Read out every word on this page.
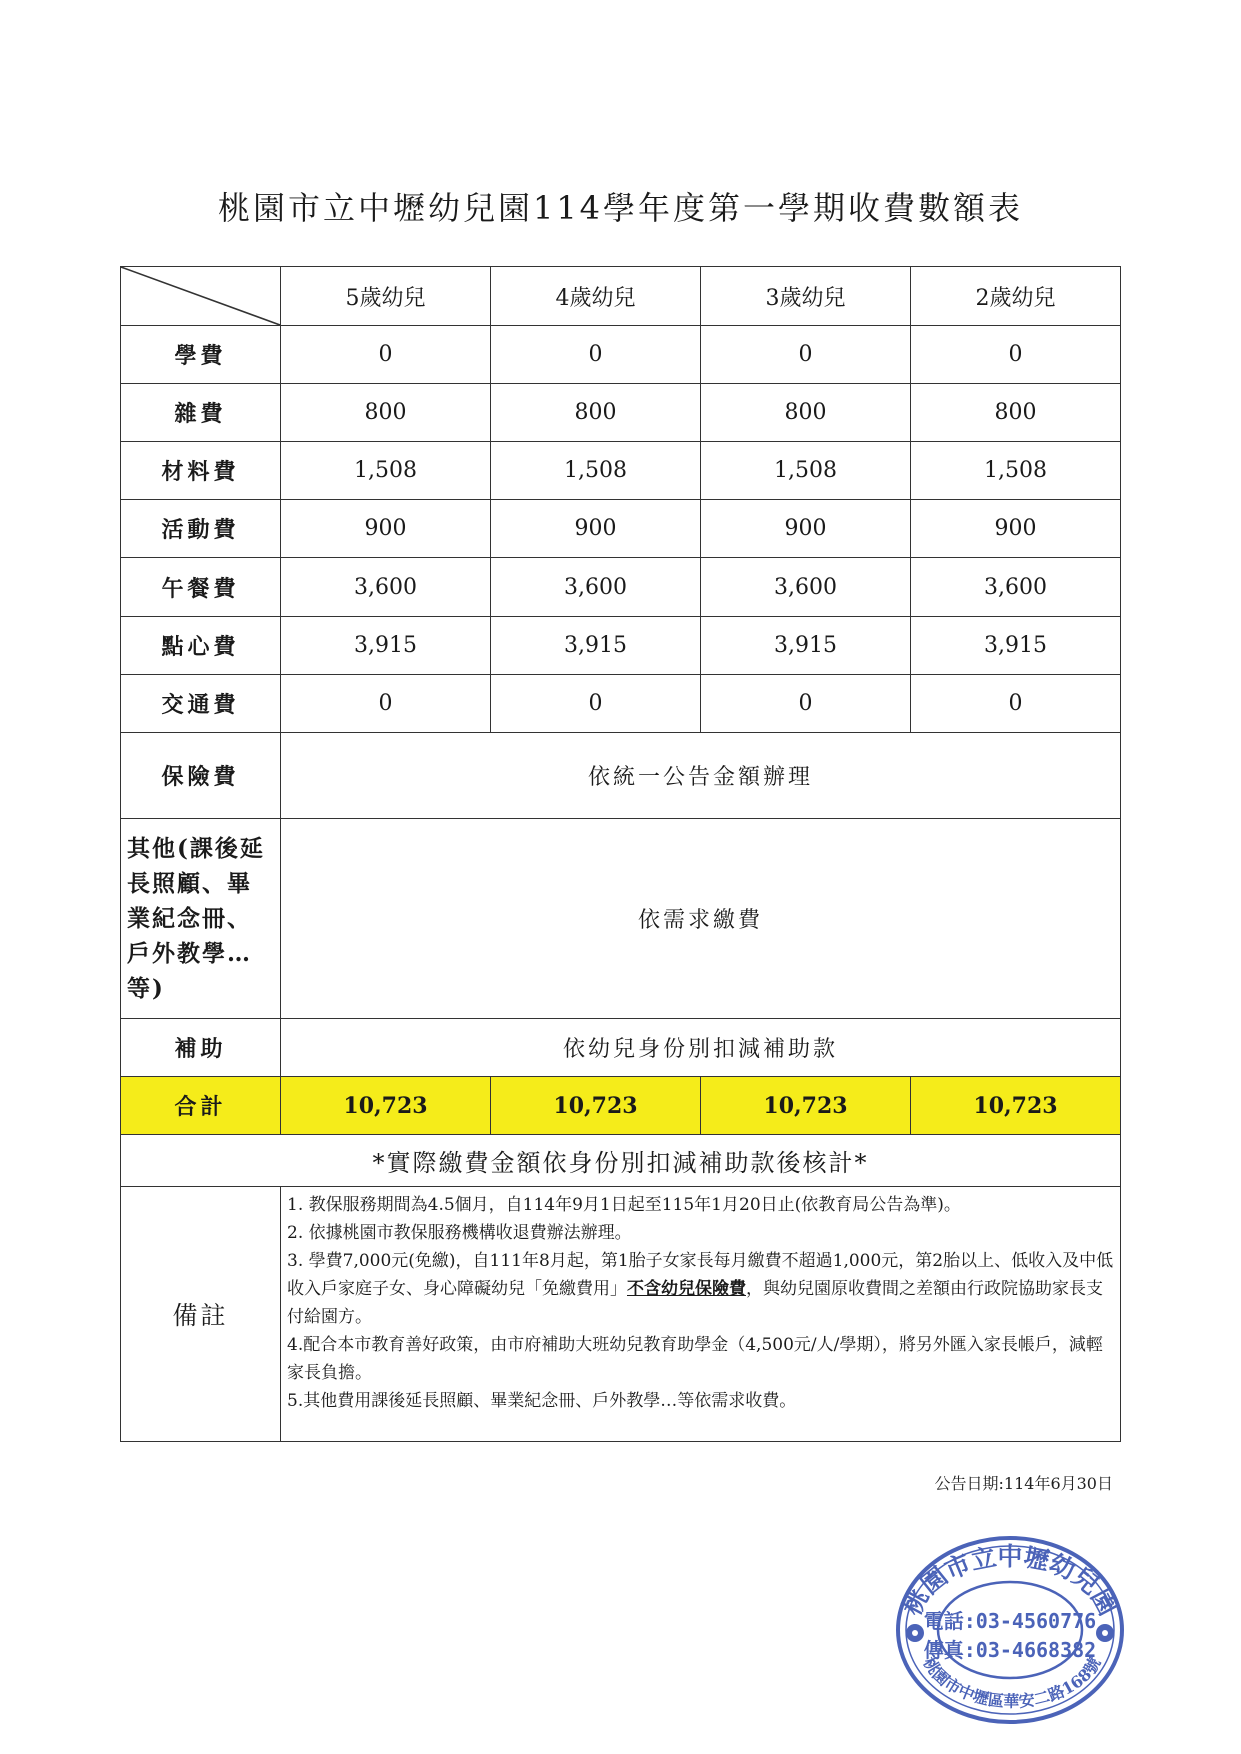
桃園市立中壢幼兒園114學年度第一學期收費數額表
	5歲幼兒	4歲幼兒	3歲幼兒	2歲幼兒
學費	0	0	0	0
雜費	800	800	800	800
材料費	1,508	1,508	1,508	1,508
活動費	900	900	900	900
午餐費	3,600	3,600	3,600	3,600
點心費	3,915	3,915	3,915	3,915
交通費	0	0	0	0
保險費	依統一公告金額辦理			
其他(課後延長照顧、畢業紀念冊、戶外教學…等)	依需求繳費			
補助	依幼兒身份別扣減補助款			
合計	10,723	10,723	10,723	10,723
*實際繳費金額依身份別扣減補助款後核計*				
備註	1. 教保服務期間為4.5個月，自114年9月1日起至115年1月20日止(依教育局公告為準)。

2. 依據桃園市教保服務機構收退費辦法辦理。

3. 學費7,000元(免繳)，自111年8月起，第1胎子女家長每月繳費不超過1,000元，第2胎以上、低收入及中低收入戶家庭子女、身心障礙幼兒「免繳費用」不含幼兒保險費，與幼兒園原收費間之差額由行政院協助家長支付給園方。

4.配合本市教育善好政策，由市府補助大班幼兒教育助學金（4,500元/人/學期），將另外匯入家長帳戶，減輕家長負擔。

5.其他費用課後延長照顧、畢業紀念冊、戶外教學…等依需求收費。			

公告日期:114年6月30日
桃園市立中壢幼兒園
電話:03-4560776
傳真:03-4668382
桃園市中壢區華安二路168號
